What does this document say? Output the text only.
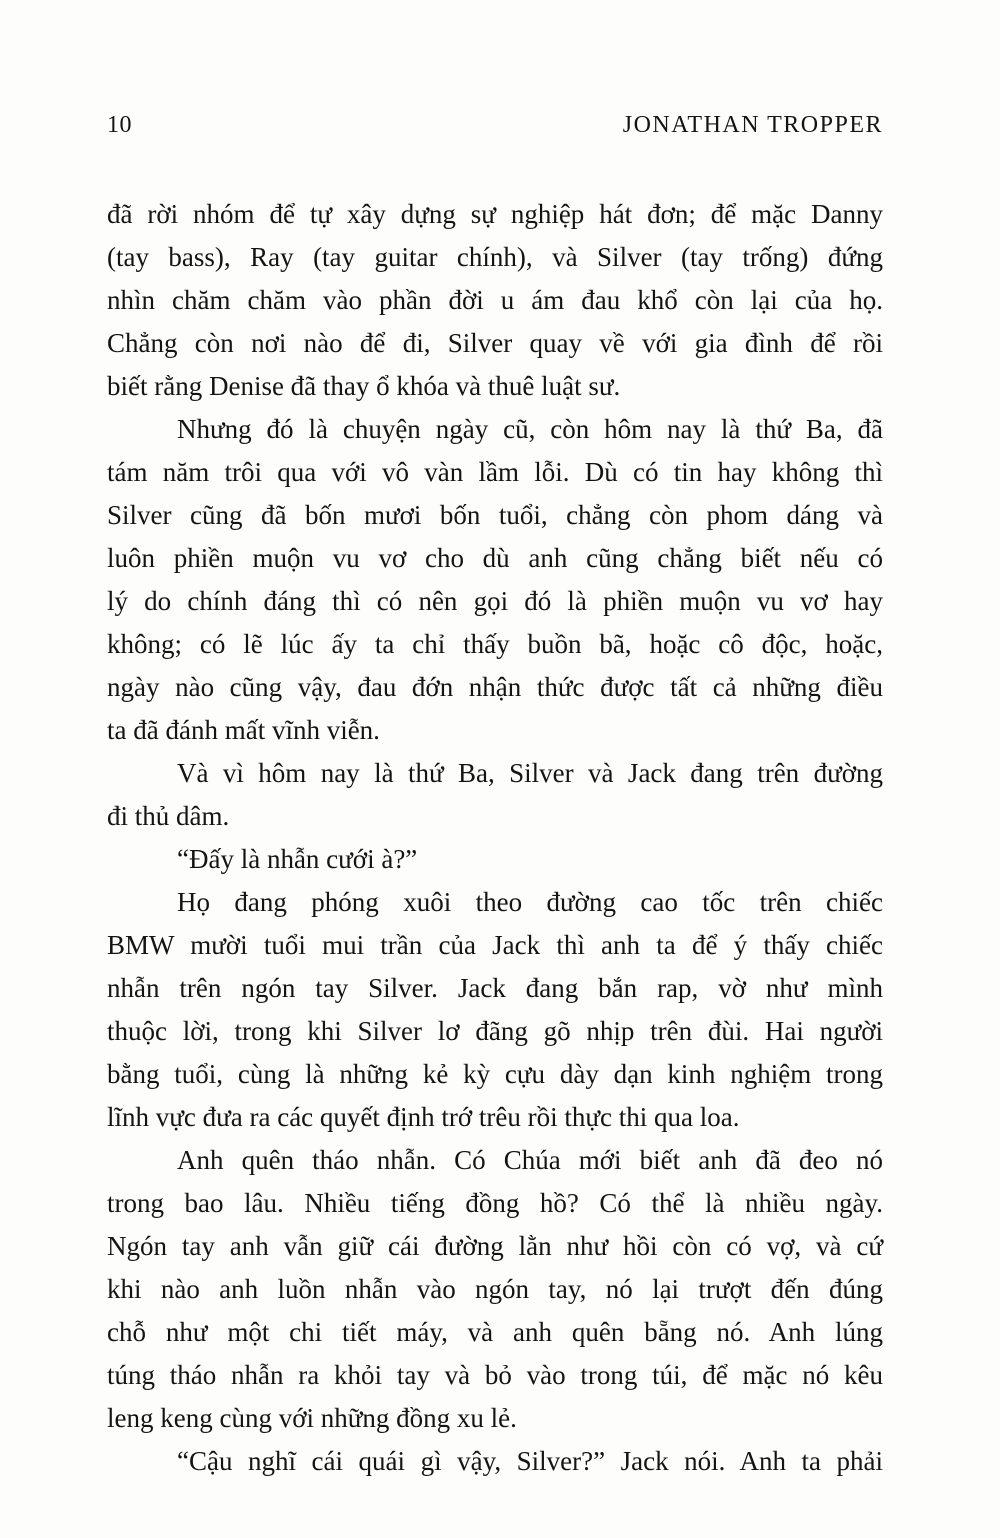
10	JONATHAN TROPPER
đã rời nhóm để tự xây dựng sự nghiệp hát đơn; để mặc Danny
(tay bass), Ray (tay guitar chính), và Silver (tay trống) đứng
nhìn chăm chăm vào phần đời u ám đau khổ còn lại của họ.
Chẳng còn nơi nào để đi, Silver quay về với gia đình để rồi
biết rằng Denise đã thay ổ khóa và thuê luật sư.
Nhưng đó là chuyện ngày cũ, còn hôm nay là thứ Ba, đã
tám năm trôi qua với vô vàn lầm lỗi. Dù có tin hay không thì
Silver cũng đã bốn mươi bốn tuổi, chẳng còn phom dáng và
luôn phiền muộn vu vơ cho dù anh cũng chẳng biết nếu có
lý do chính đáng thì có nên gọi đó là phiền muộn vu vơ hay
không; có lẽ lúc ấy ta chỉ thấy buồn bã, hoặc cô độc, hoặc,
ngày nào cũng vậy, đau đớn nhận thức được tất cả những điều
ta đã đánh mất vĩnh viễn.
Và vì hôm nay là thứ Ba, Silver và Jack đang trên đường
đi thủ dâm.
“Đấy là nhẫn cưới à?”
Họ đang phóng xuôi theo đường cao tốc trên chiếc
BMW mười tuổi mui trần của Jack thì anh ta để ý thấy chiếc
nhẫn trên ngón tay Silver. Jack đang bắn rap, vờ như mình
thuộc lời, trong khi Silver lơ đãng gõ nhịp trên đùi. Hai người
bằng tuổi, cùng là những kẻ kỳ cựu dày dạn kinh nghiệm trong
lĩnh vực đưa ra các quyết định trớ trêu rồi thực thi qua loa.
Anh quên tháo nhẫn. Có Chúa mới biết anh đã đeo nó
trong bao lâu. Nhiều tiếng đồng hồ? Có thể là nhiều ngày.
Ngón tay anh vẫn giữ cái đường lằn như hồi còn có vợ, và cứ
khi nào anh luồn nhẫn vào ngón tay, nó lại trượt đến đúng
chỗ như một chi tiết máy, và anh quên bẵng nó. Anh lúng
túng tháo nhẫn ra khỏi tay và bỏ vào trong túi, để mặc nó kêu
leng keng cùng với những đồng xu lẻ.
“Cậu nghĩ cái quái gì vậy, Silver?” Jack nói. Anh ta phải
